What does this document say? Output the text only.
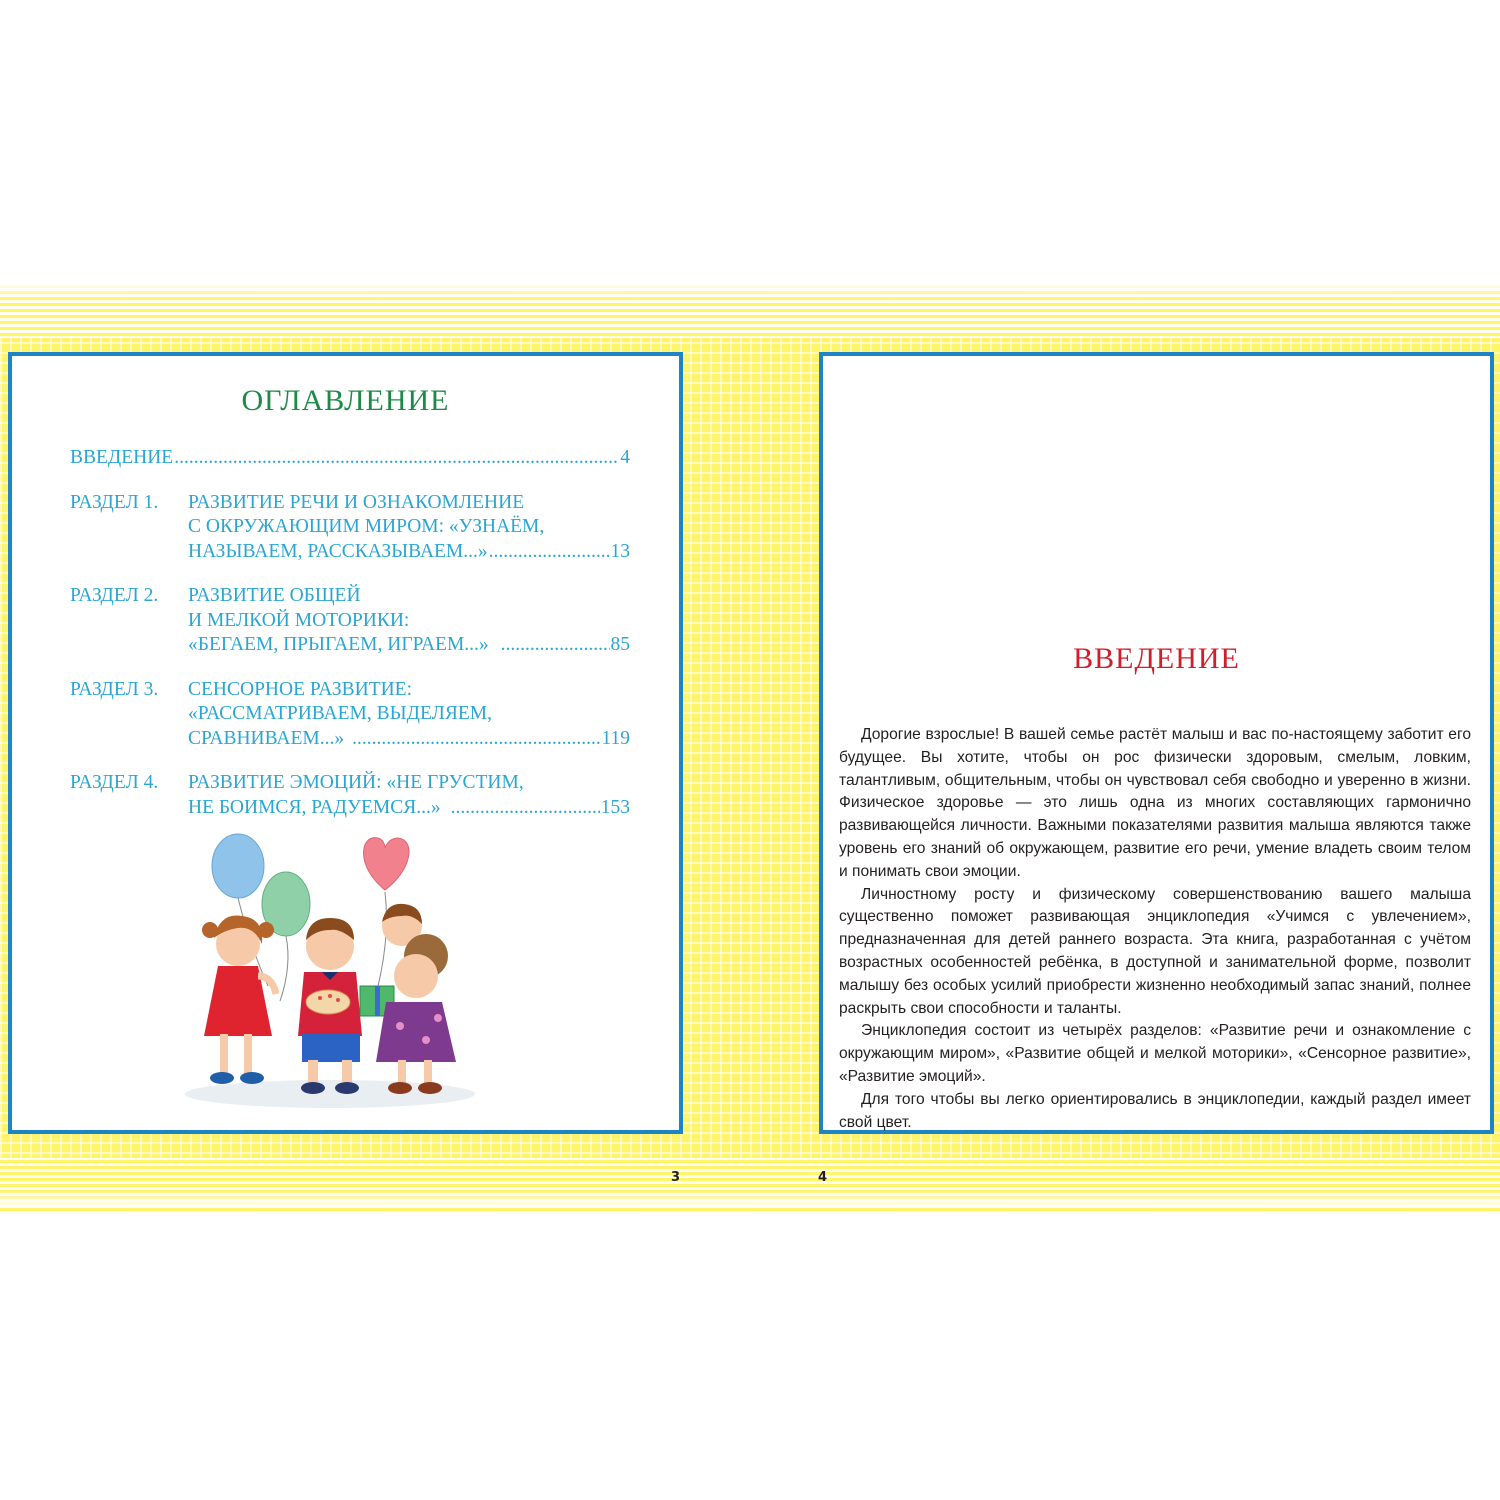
ОГЛАВЛЕНИЕ
ВВЕДЕНИЕ .....	4
РАЗДЕЛ 1.	РАЗВИТИЕ РЕЧИ И ОЗНАКОМЛЕНИЕ
С ОКРУЖАЮЩИМ МИРОМ: «УЗНАЁМ,
НАЗЫВАЕМ, РАССКАЗЫВАЕМ...» .....	13
РАЗДЕЛ 2.	РАЗВИТИЕ ОБЩЕЙ
И МЕЛКОЙ МОТОРИКИ:
«БЕГАЕМ, ПРЫГАЕМ, ИГРАЕМ...» .....	85
РАЗДЕЛ 3.	СЕНСОРНОЕ РАЗВИТИЕ:
«РАССМАТРИВАЕМ, ВЫДЕЛЯЕМ,
СРАВНИВАЕМ...» .....	119
РАЗДЕЛ 4.	РАЗВИТИЕ ЭМОЦИЙ: «НЕ ГРУСТИМ,
НЕ БОИМСЯ, РАДУЕМСЯ...» .....	153
ВВЕДЕНИЕ

Дорогие взрослые! В вашей семье растёт малыш и вас по-настоящему заботит его будущее. Вы хотите, чтобы он рос физически здоровым, смелым, ловким, талантливым, общительным, чтобы он чувствовал себя свободно и уверенно в жизни. Физическое здоровье — это лишь одна из многих составляющих гармонично развивающейся личности. Важными показателями развития малыша являются также уровень его знаний об окружающем, развитие его речи, умение владеть своим телом и понимать свои эмоции.

Личностному росту и физическому совершенствованию вашего малыша существенно поможет развивающая энциклопедия «Учимся с увлечением», предназначенная для детей раннего возраста. Эта книга, разработанная с учётом возрастных особенностей ребёнка, в доступной и занимательной форме, позволит малышу без особых усилий приобрести жизненно необходимый запас знаний, полнее раскрыть свои способности и таланты.

Энциклопедия состоит из четырёх разделов: «Развитие речи и ознакомление с окружающим миром», «Развитие общей и мелкой моторики», «Сенсорное развитие», «Развитие эмоций».

Для того чтобы вы легко ориентировались в энциклопедии, каждый раздел имеет свой цвет.

3	4
